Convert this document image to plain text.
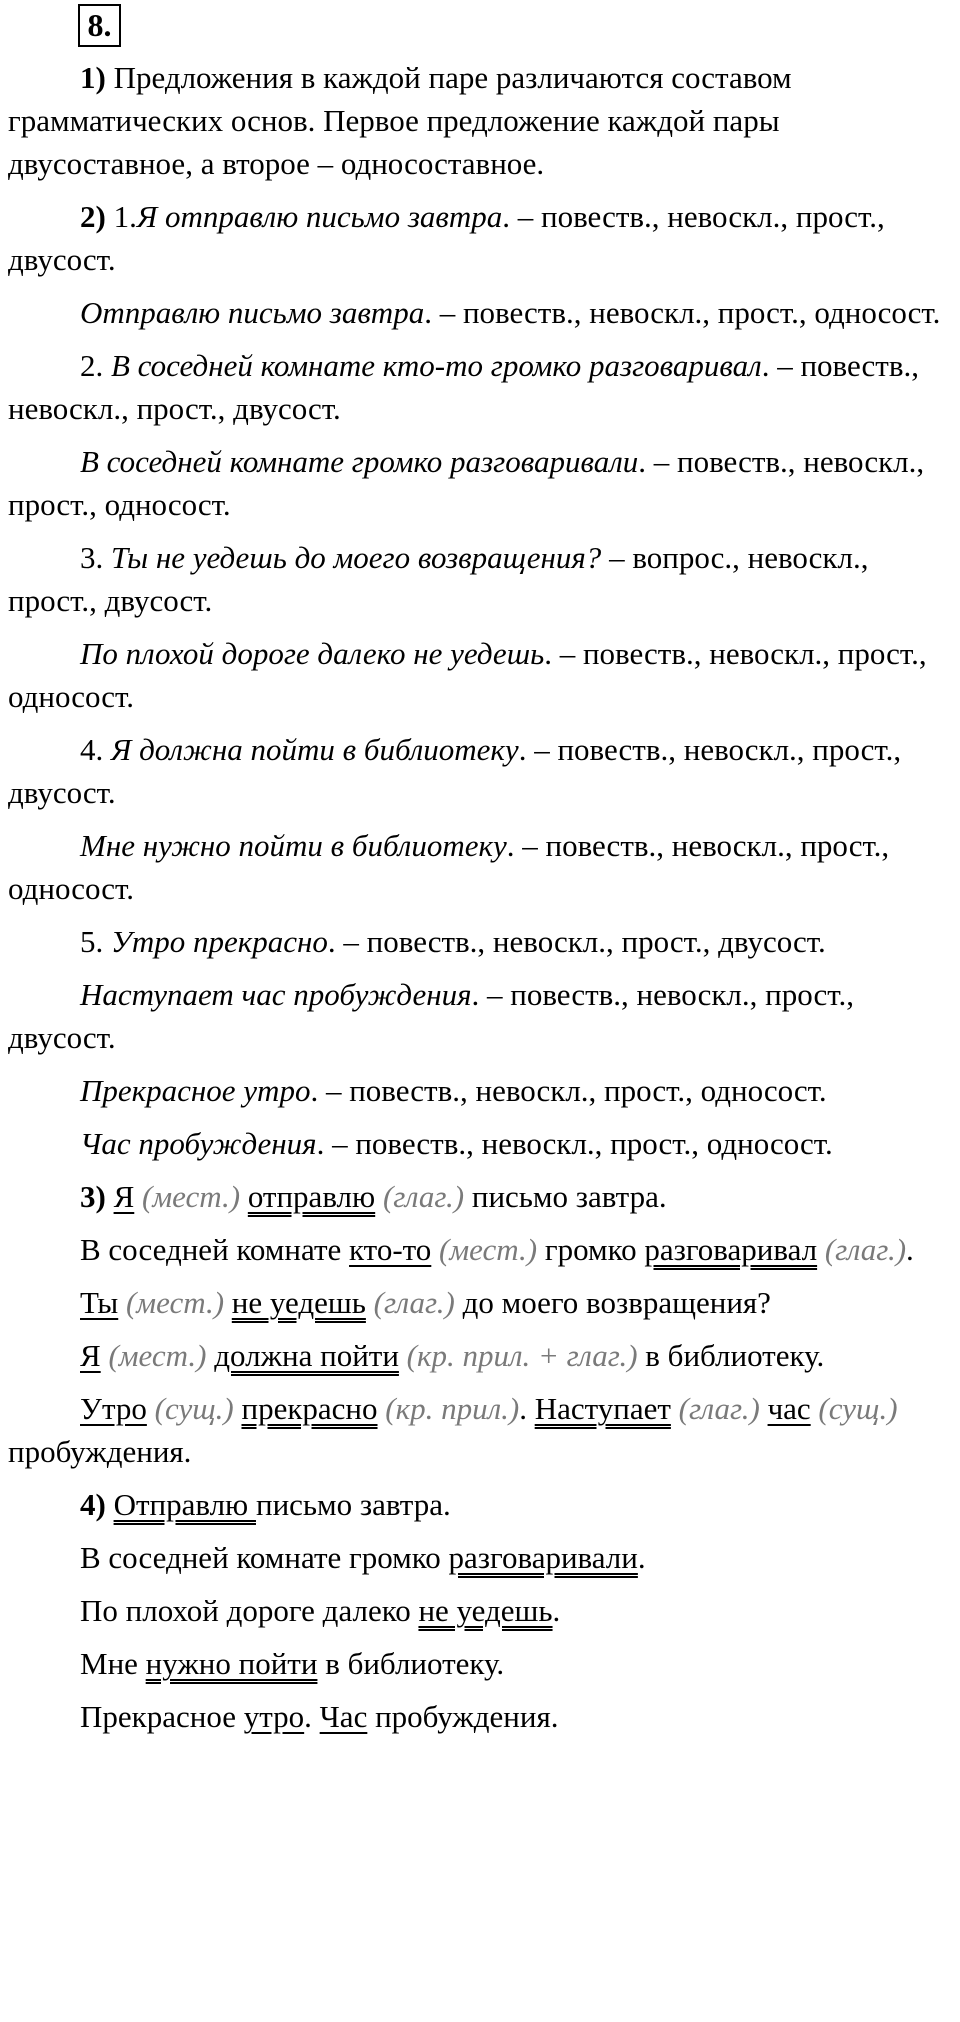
8.

1) Предложения в каждой паре различаются составом грамматических основ. Первое предложение каждой пары двусоставное, а второе – односоставное.

2) 1.Я отправлю письмо завтра. – повеств., невоскл., прост., двусост.

Отправлю письмо завтра. – повеств., невоскл., прост., односост.

2. В соседней комнате кто-то громко разговаривал. – повеств., невоскл., прост., двусост.

В соседней комнате громко разговаривали. – повеств., невоскл., прост., односост.

3. Ты не уедешь до моего возвращения? – вопрос., невоскл., прост., двусост.

По плохой дороге далеко не уедешь. – повеств., невоскл., прост., односост.

4. Я должна пойти в библиотеку. – повеств., невоскл., прост., двусост.

Мне нужно пойти в библиотеку. – повеств., невоскл., прост., односост.

5. Утро прекрасно. – повеств., невоскл., прост., двусост.

Наступает час пробуждения. – повеств., невоскл., прост., двусост.

Прекрасное утро. – повеств., невоскл., прост., односост.

Час пробуждения. – повеств., невоскл., прост., односост.

3) Я (мест.) отправлю (глаг.) письмо завтра.

В соседней комнате кто-то (мест.) громко разговаривал (глаг.).

Ты (мест.) не уедешь (глаг.) до моего возвращения?

Я (мест.) должна пойти (кр. прил. + глаг.) в библиотеку.

Утро (сущ.) прекрасно (кр. прил.). Наступает (глаг.) час (сущ.) пробуждения.

4) Отправлю письмо завтра.

В соседней комнате громко разговаривали.

По плохой дороге далеко не уедешь.

Мне нужно пойти в библиотеку.

Прекрасное утро. Час пробуждения.
